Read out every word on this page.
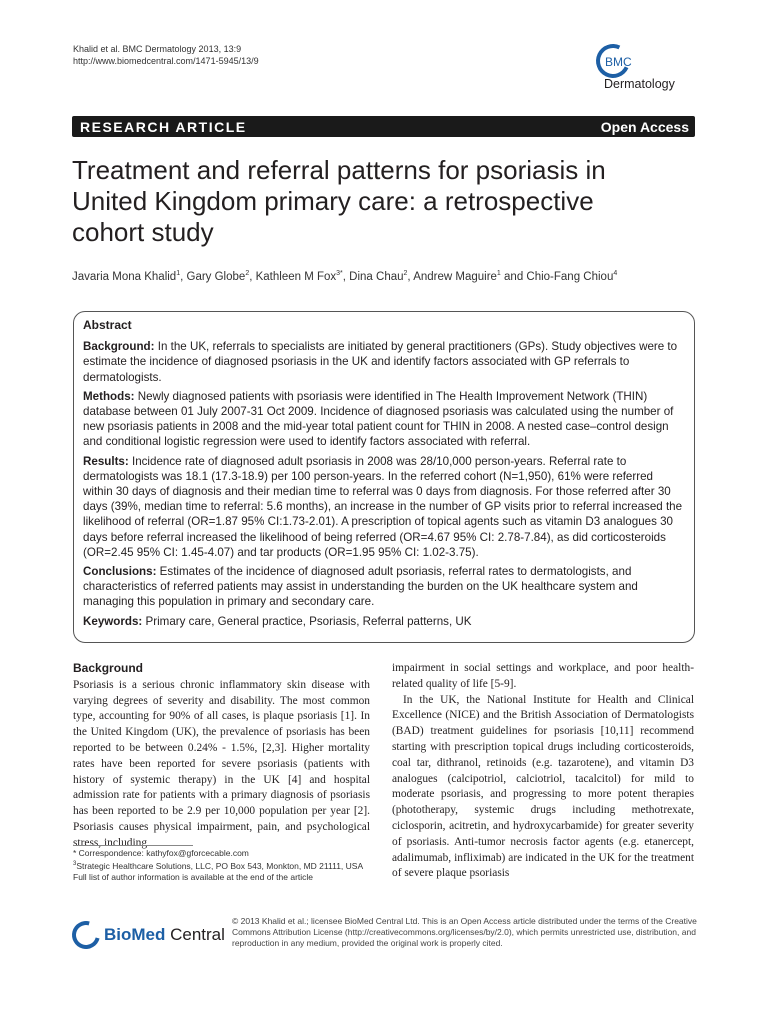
Khalid et al. BMC Dermatology 2013, 13:9
http://www.biomedcentral.com/1471-5945/13/9	BMC
Dermatology
RESEARCH ARTICLE	Open Access
Treatment and referral patterns for psoriasis in United Kingdom primary care: a retrospective cohort study
Javaria Mona Khalid$^1$, Gary Globe$^2$, Kathleen M Fox$^{3*}$, Dina Chau$^2$, Andrew Maguire$^1$ and Chio-Fang Chiou$^4$
Abstract

Background: In the UK, referrals to specialists are initiated by general practitioners (GPs). Study objectives were to estimate the incidence of diagnosed psoriasis in the UK and identify factors associated with GP referrals to dermatologists.

Methods: Newly diagnosed patients with psoriasis were identified in The Health Improvement Network (THIN) database between 01 July 2007-31 Oct 2009. Incidence of diagnosed psoriasis was calculated using the number of new psoriasis patients in 2008 and the mid-year total patient count for THIN in 2008. A nested case–control design and conditional logistic regression were used to identify factors associated with referral.

Results: Incidence rate of diagnosed adult psoriasis in 2008 was 28/10,000 person-years. Referral rate to dermatologists was 18.1 (17.3-18.9) per 100 person-years. In the referred cohort (N=1,950), 61% were referred within 30 days of diagnosis and their median time to referral was 0 days from diagnosis. For those referred after 30 days (39%, median time to referral: 5.6 months), an increase in the number of GP visits prior to referral increased the likelihood of referral (OR=1.87 95% CI:1.73-2.01). A prescription of topical agents such as vitamin D3 analogues 30 days before referral increased the likelihood of being referred (OR=4.67 95% CI: 2.78-7.84), as did corticosteroids (OR=2.45 95% CI: 1.45-4.07) and tar products (OR=1.95 95% CI: 1.02-3.75).

Conclusions: Estimates of the incidence of diagnosed adult psoriasis, referral rates to dermatologists, and characteristics of referred patients may assist in understanding the burden on the UK healthcare system and managing this population in primary and secondary care.

Keywords: Primary care, General practice, Psoriasis, Referral patterns, UK

Background

Psoriasis is a serious chronic inflammatory skin disease with varying degrees of severity and disability. The most common type, accounting for 90% of all cases, is plaque psoriasis [1]. In the United Kingdom (UK), the prevalence of psoriasis has been reported to be between 0.24% - 1.5%, [2,3]. Higher mortality rates have been reported for severe psoriasis (patients with history of systemic therapy) in the UK [4] and hospital admission rate for patients with a primary diagnosis of psoriasis has been reported to be 2.9 per 10,000 population per year [2]. Psoriasis causes physical impairment, pain, and psychological stress, including

impairment in social settings and workplace, and poor health-related quality of life [5-9].

In the UK, the National Institute for Health and Clinical Excellence (NICE) and the British Association of Dermatologists (BAD) treatment guidelines for psoriasis [10,11] recommend starting with prescription topical drugs including corticosteroids, coal tar, dithranol, retinoids (e.g. tazarotene), and vitamin D3 analogues (calcipotriol, calciotriol, tacalcitol) for mild to moderate psoriasis, and progressing to more potent therapies (phototherapy, systemic drugs including methotrexate, ciclosporin, acitretin, and hydroxycarbamide) for greater severity of psoriasis. Anti-tumor necrosis factor agents (e.g. etanercept, adalimumab, infliximab) are indicated in the UK for the treatment of severe plaque psoriasis

* Correspondence: kathyfox@gforcecable.com
$^3$Strategic Healthcare Solutions, LLC, PO Box 543, Monkton, MD 21111, USA
Full list of author information is available at the end of the article
BioMed Central
© 2013 Khalid et al.; licensee BioMed Central Ltd. This is an Open Access article distributed under the terms of the Creative Commons Attribution License (http://creativecommons.org/licenses/by/2.0), which permits unrestricted use, distribution, and reproduction in any medium, provided the original work is properly cited.
